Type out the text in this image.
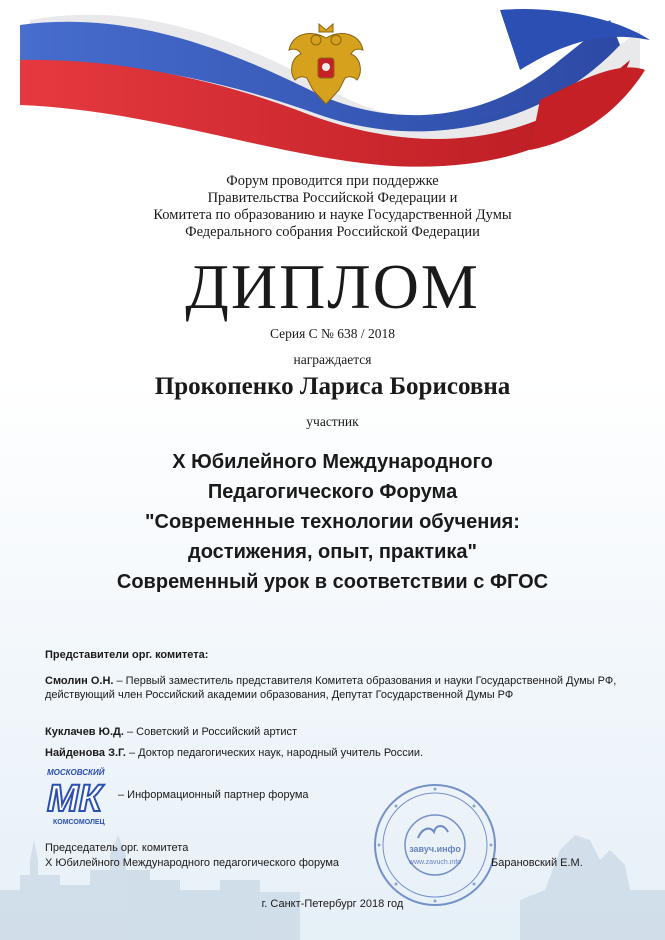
Форум проводится при поддержке
Правительства Российской Федерации и
Комитета по образованию и науке Государственной Думы
Федерального собрания Российской Федерации
ДИПЛОМ
Серия С № 638 / 2018
награждается
Прокопенко Лариса Борисовна
участник
X Юбилейного Международного
Педагогического Форума
"Современные технологии обучения:
достижения, опыт, практика"
Современный урок в соответствии с ФГОС
Представители орг. комитета:
Смолин О.Н. – Первый заместитель представителя Комитета образования и науки Государственной Думы РФ, действующий член Российский академии образования, Депутат Государственной Думы РФ
Куклачев Ю.Д. – Советский и Российский артист
Найденова З.Г. – Доктор педагогических наук, народный учитель России.
МОСКОВСКИЙ
МК
КОМСОМОЛЕЦ
– Информационный партнер форума
завуч.инфо
www.zavuch.info
Председатель орг. комитета
X Юбилейного Международного педагогического форума	Барановский Е.М.
г. Санкт-Петербург 2018 год
